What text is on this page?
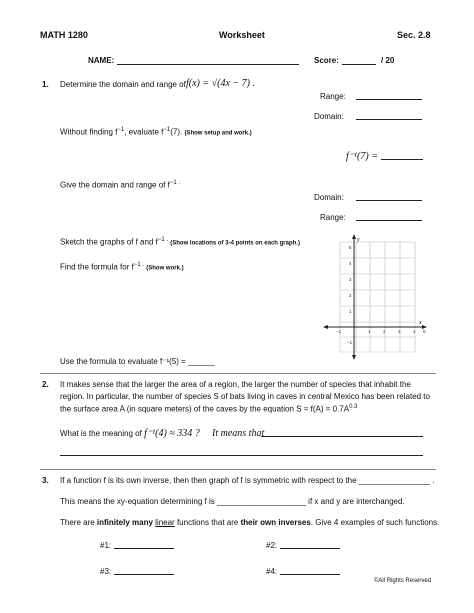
MATH 1280	Worksheet	Sec. 2.8
NAME:	Score:	/ 20
1. Determine the domain and range of f(x) = √(4x − 7) .
Range:
Domain:
Without finding $f^{-1}$, evaluate $f^{-1}(7)$. (Show setup and work.)
f⁻¹(7) =
Give the domain and range of $f^{-1 .}$
Domain:
Range:
Sketch the graphs of f and $f^{-1 .}$ (Show locations of 3-4 points on each graph.)
Find the formula for $f^{-1 .}$ (Show work.)
y
x
5
4
3
2
1
−1
−1	1	2	3	4 5
Use the formula to evaluate f⁻¹(5) = ______
2. It makes sense that the larger the area of a region, the larger the number of species that inhabit the
region. In particular, the number of species S of bats living in caves in central Mexico has been related to
the surface area A (in square meters) of the caves by the equation $S = f(A) = 0.7A^{0.3}$
What is the meaning of f⁻¹(4) ≈ 334 ? It means that
3. If a function f is its own inverse, then then graph of f is symmetric with respect to the ________________ .
This means the xy-equation determining f is ____________________ if x and y are interchanged.
There are infinitely many linear functions that are their own inverses. Give 4 examples of such functions.
#1:	#2:
#3:	#4:
©All Rights Reserved
